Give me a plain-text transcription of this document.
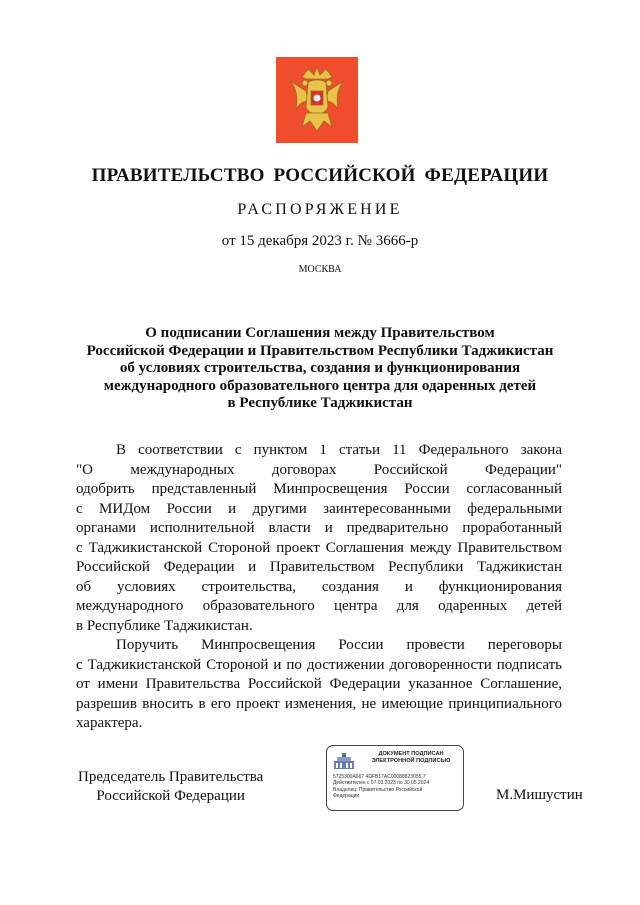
ПРАВИТЕЛЬСТВО РОССИЙСКОЙ ФЕДЕРАЦИИ
РАСПОРЯЖЕНИЕ
от 15 декабря 2023 г. № 3666-р
МОСКВА
О подписании Соглашения между Правительством
Российской Федерации и Правительством Республики Таджикистан
об условиях строительства, создания и функционирования
международного образовательного центра для одаренных детей
в Республике Таджикистан
В соответствии с пунктом 1 статьи 11 Федерального закона
"О международных договорах Российской Федерации"
одобрить представленный Минпросвещения России согласованный
с МИДом России и другими заинтересованными федеральными
органами исполнительной власти и предварительно проработанный
с Таджикистанской Стороной проект Соглашения между Правительством
Российской Федерации и Правительством Республики Таджикистан
об условиях строительства, создания и функционирования
международного образовательного центра для одаренных детей
в Республике Таджикистан.
Поручить Минпросвещения России провести переговоры
с Таджикистанской Стороной и по достижении договоренности подписать
от имени Правительства Российской Федерации указанное Соглашение,
разрешив вносить в его проект изменения, не имеющие принципиального
характера.
Председатель Правительства
Российской Федерации
ДОКУМЕНТ ПОДПИСАН
ЭЛЕКТРОННОЙ ПОДПИСЬЮ
5725300A667 4DFB17AC00088823055 7
Действителен с 07.03.2023 по 30.05.2024
Владелец: Правительство Российской
Федерации	М.Мишустин
